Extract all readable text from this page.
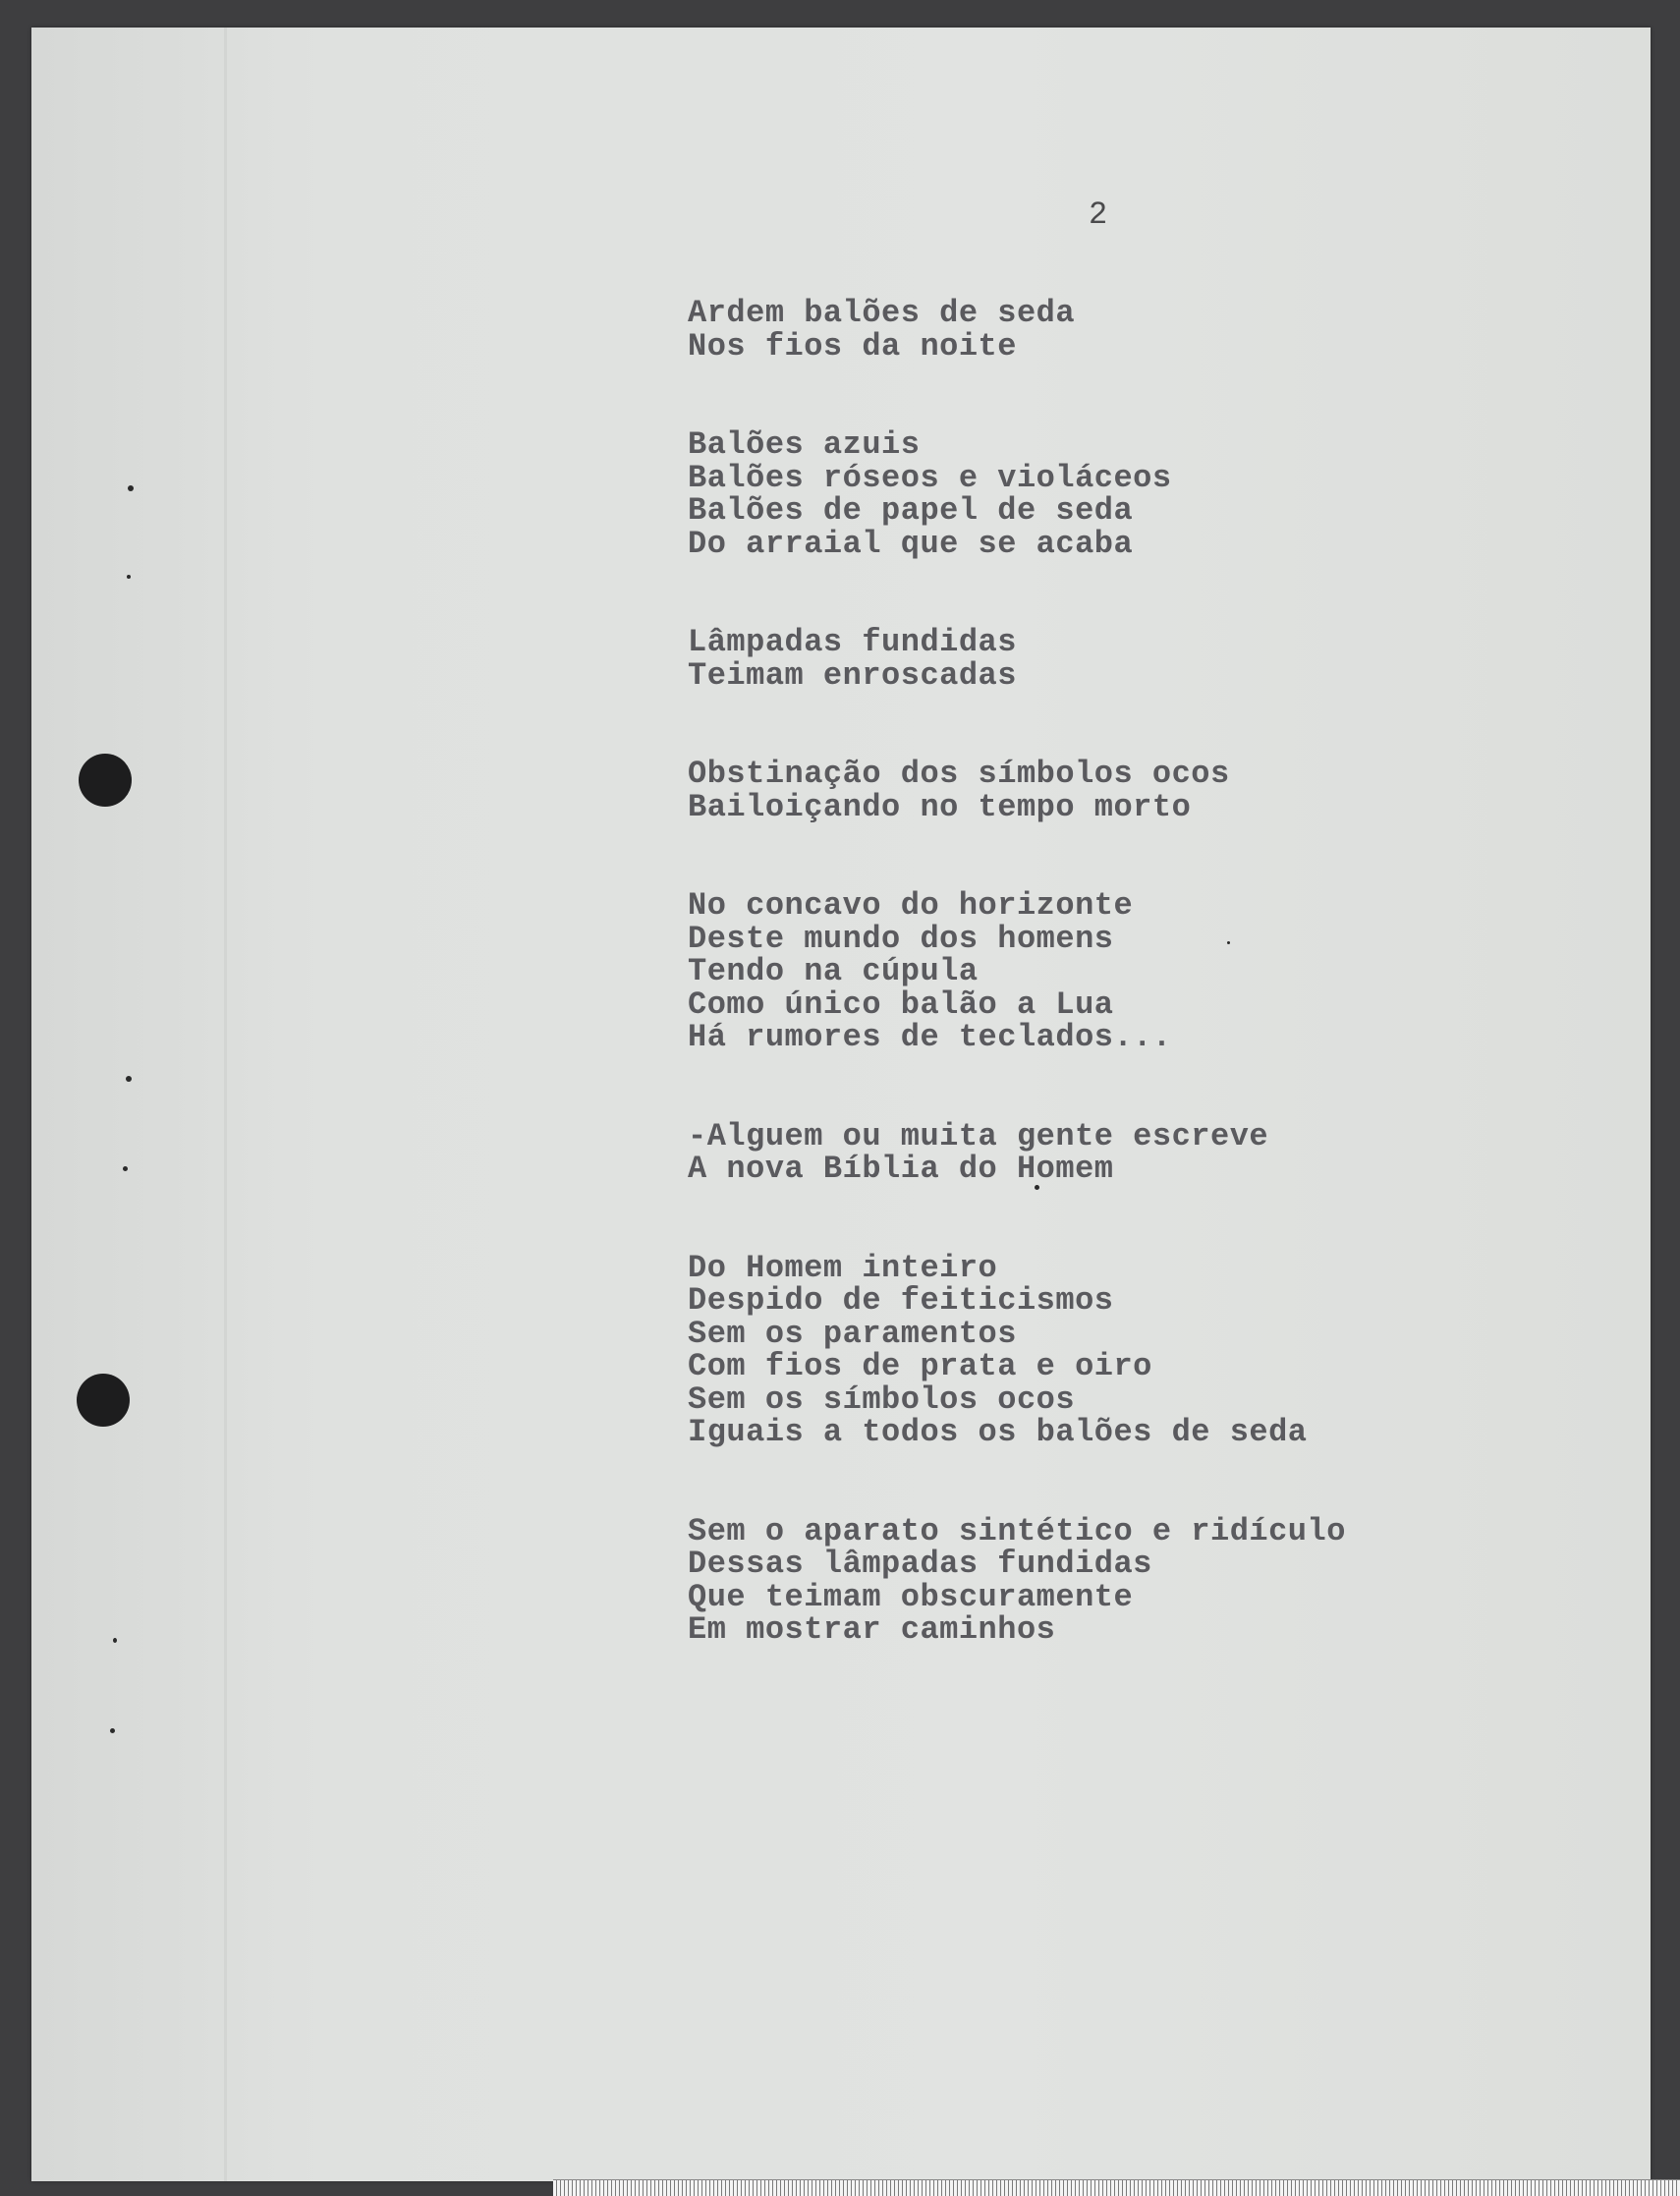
2

Ardem balões de seda
Nos fios da noite
Balões azuis
Balões róseos e violáceos
Balões de papel de seda
Do arraial que se acaba
Lâmpadas fundidas
Teimam enroscadas
Obstinação dos símbolos ocos
Bailoiçando no tempo morto
No concavo do horizonte
Deste mundo dos homens
Tendo na cúpula
Como único balão a Lua
Há rumores de teclados...
-Alguem ou muita gente escreve
A nova Bíblia do Homem
Do Homem inteiro
Despido de feiticismos
Sem os paramentos
Com fios de prata e oiro
Sem os símbolos ocos
Iguais a todos os balões de seda
Sem o aparato sintético e ridículo
Dessas lâmpadas fundidas
Que teimam obscuramente
Em mostrar caminhos
